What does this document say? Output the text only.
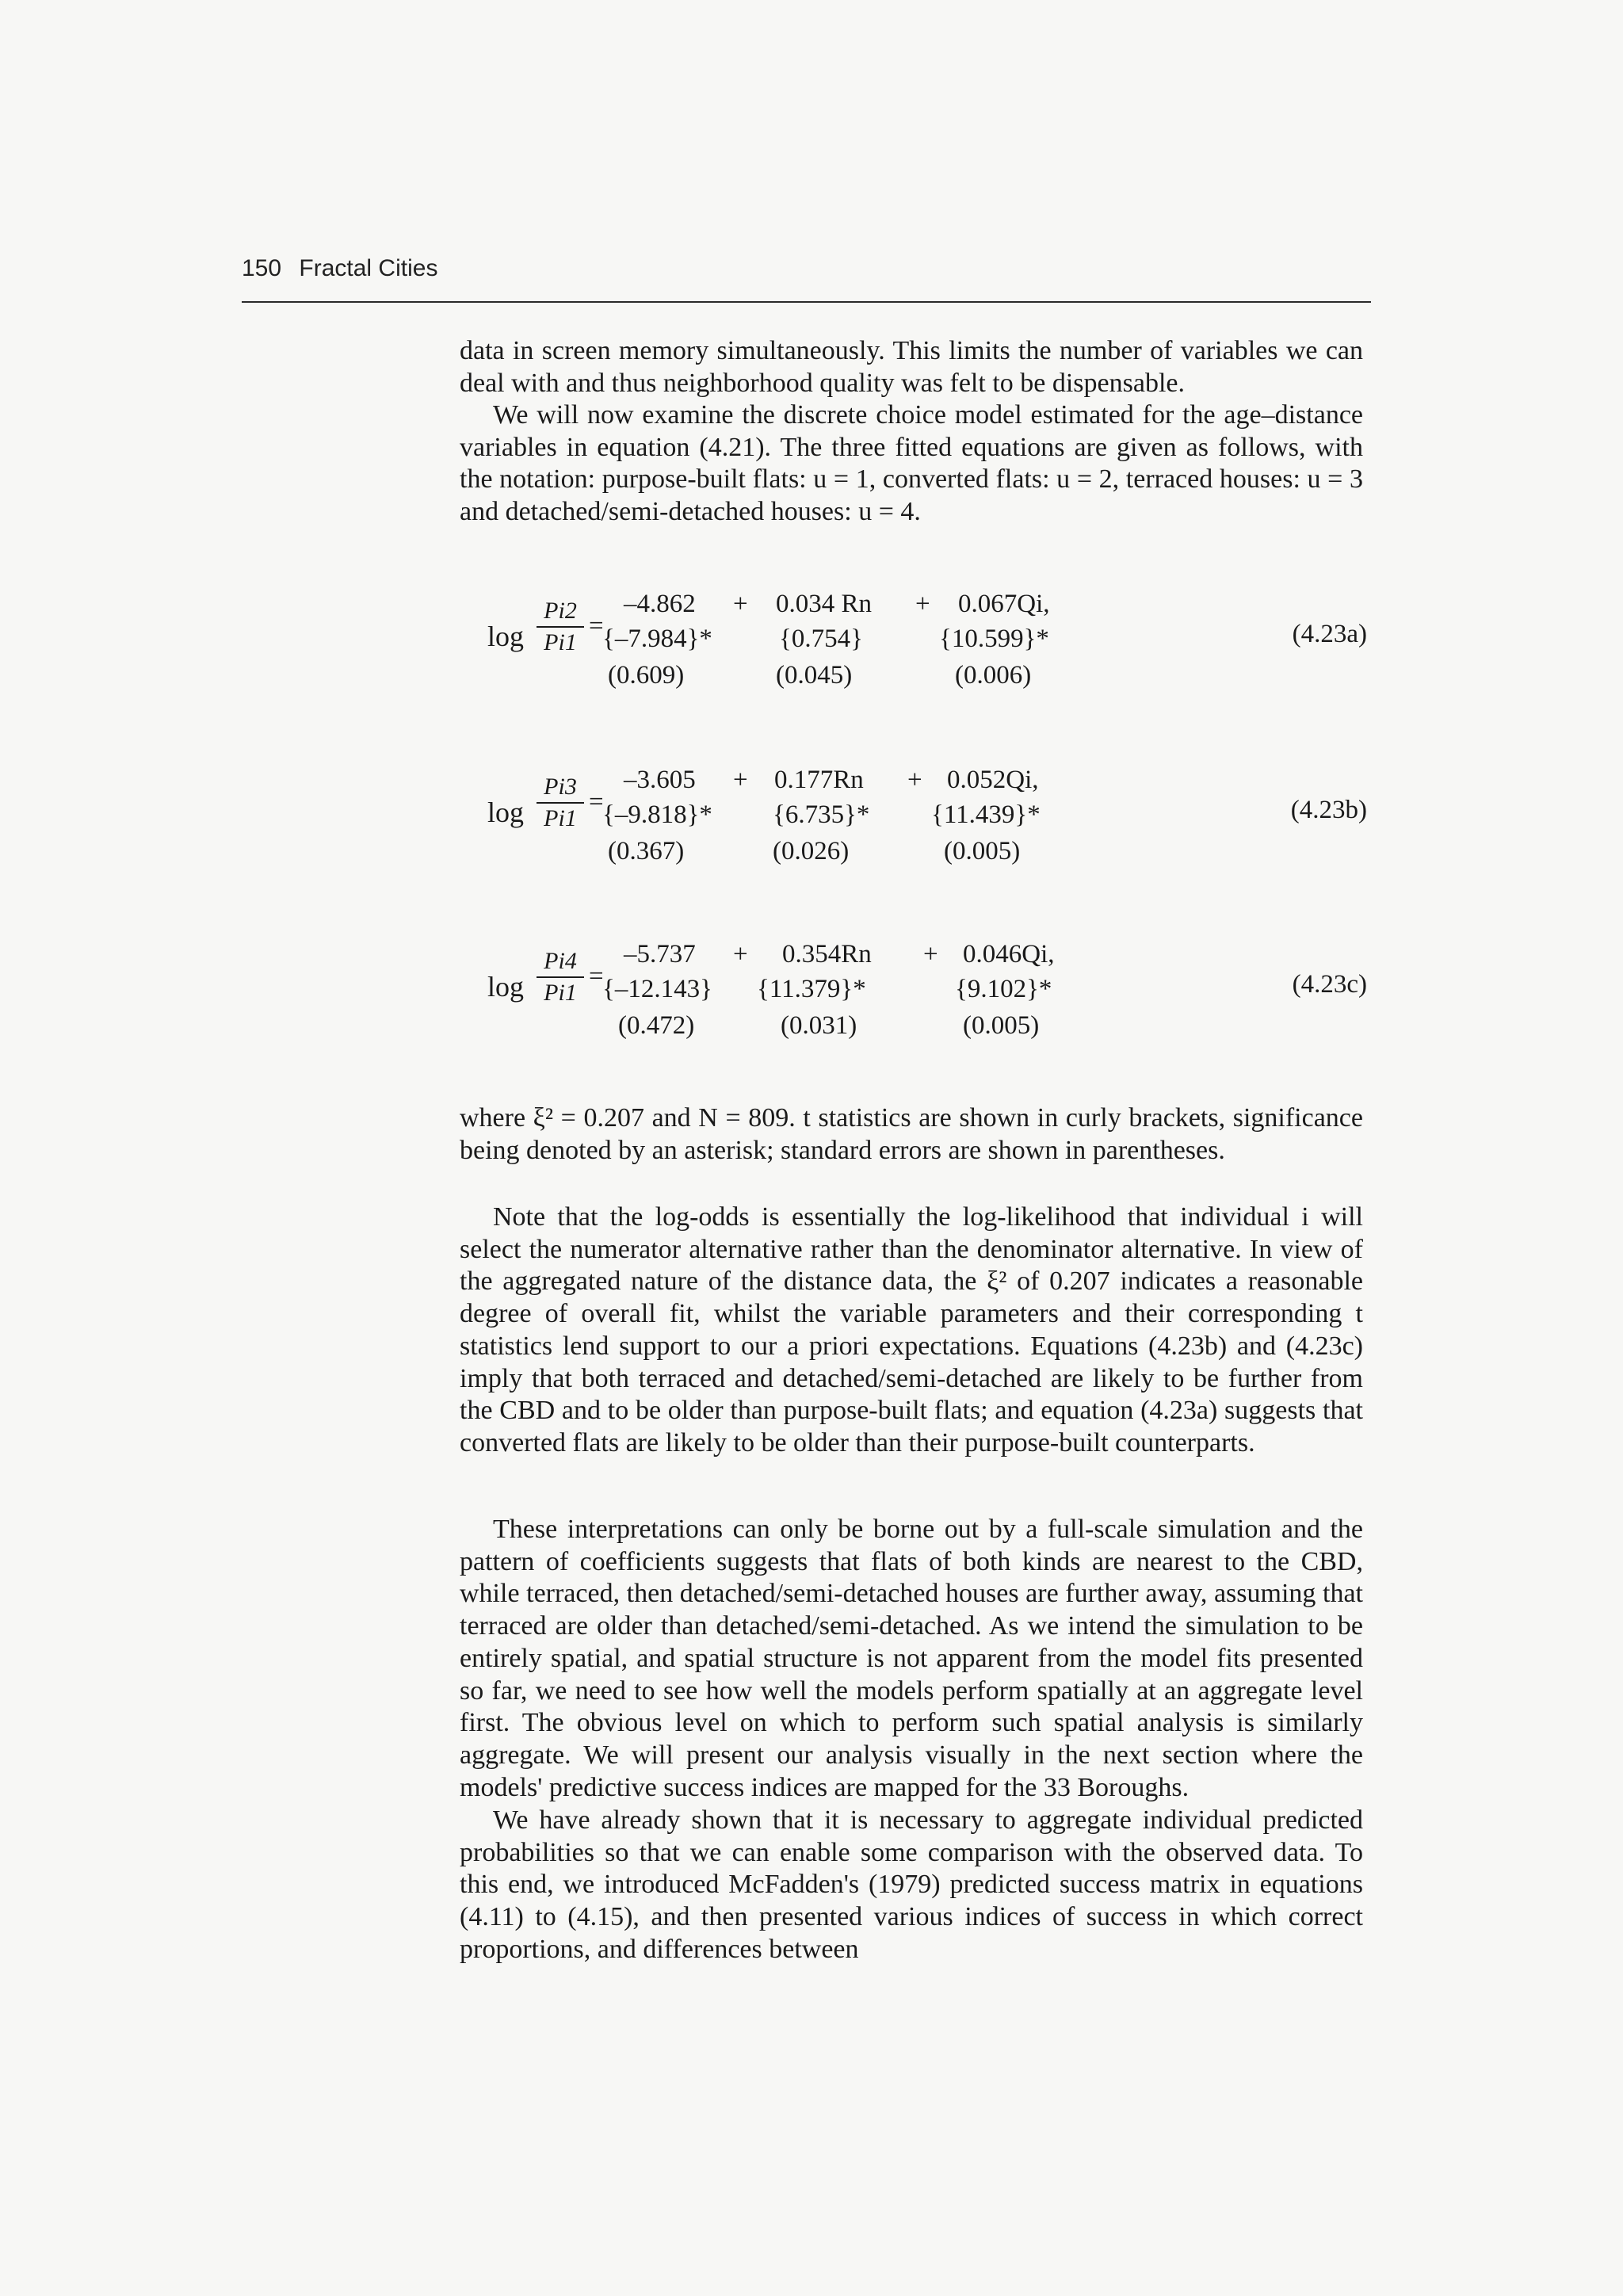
150 Fractal Cities

data in screen memory simultaneously. This limits the number of variables we can deal with and thus neighborhood quality was felt to be dispensable.

We will now examine the discrete choice model estimated for the age–distance variables in equation (4.21). The three fitted equations are given as follows, with the notation: purpose-built flats: u = 1, converted flats: u = 2, terraced houses: u = 3 and detached/semi-detached houses: u = 4.

$\log \frac{Pi2}{Pi1}$ =
–4.862
{–7.984}*
(0.609)
+ 0.034 Rn
{0.754}
(0.045)
+ 0.067Qi,
{10.599}*
(0.006)
(4.23a)
$\log \frac{Pi3}{Pi1}$ =
–3.605
{–9.818}*
(0.367)
+ 0.177Rn
{6.735}*
(0.026)
+ 0.052Qi,
{11.439}*
(0.005)
(4.23b)
$\log \frac{Pi4}{Pi1}$ =
–5.737
{–12.143}
(0.472)
+ 0.354Rn
{11.379}*
(0.031)
+ 0.046Qi,
{9.102}*
(0.005)
(4.23c)

where ξ² = 0.207 and N = 809. t statistics are shown in curly brackets, significance being denoted by an asterisk; standard errors are shown in parentheses.

Note that the log-odds is essentially the log-likelihood that individual i will select the numerator alternative rather than the denominator alternative. In view of the aggregated nature of the distance data, the ξ² of 0.207 indicates a reasonable degree of overall fit, whilst the variable parameters and their corresponding t statistics lend support to our a priori expectations. Equations (4.23b) and (4.23c) imply that both terraced and detached/semi-detached are likely to be further from the CBD and to be older than purpose-built flats; and equation (4.23a) suggests that converted flats are likely to be older than their purpose-built counterparts.

These interpretations can only be borne out by a full-scale simulation and the pattern of coefficients suggests that flats of both kinds are nearest to the CBD, while terraced, then detached/semi-detached houses are further away, assuming that terraced are older than detached/semi-detached. As we intend the simulation to be entirely spatial, and spatial structure is not apparent from the model fits presented so far, we need to see how well the models perform spatially at an aggregate level first. The obvious level on which to perform such spatial analysis is similarly aggregate. We will present our analysis visually in the next section where the models' predictive success indices are mapped for the 33 Boroughs.

We have already shown that it is necessary to aggregate individual predicted probabilities so that we can enable some comparison with the observed data. To this end, we introduced McFadden's (1979) predicted success matrix in equations (4.11) to (4.15), and then presented various indices of success in which correct proportions, and differences between
